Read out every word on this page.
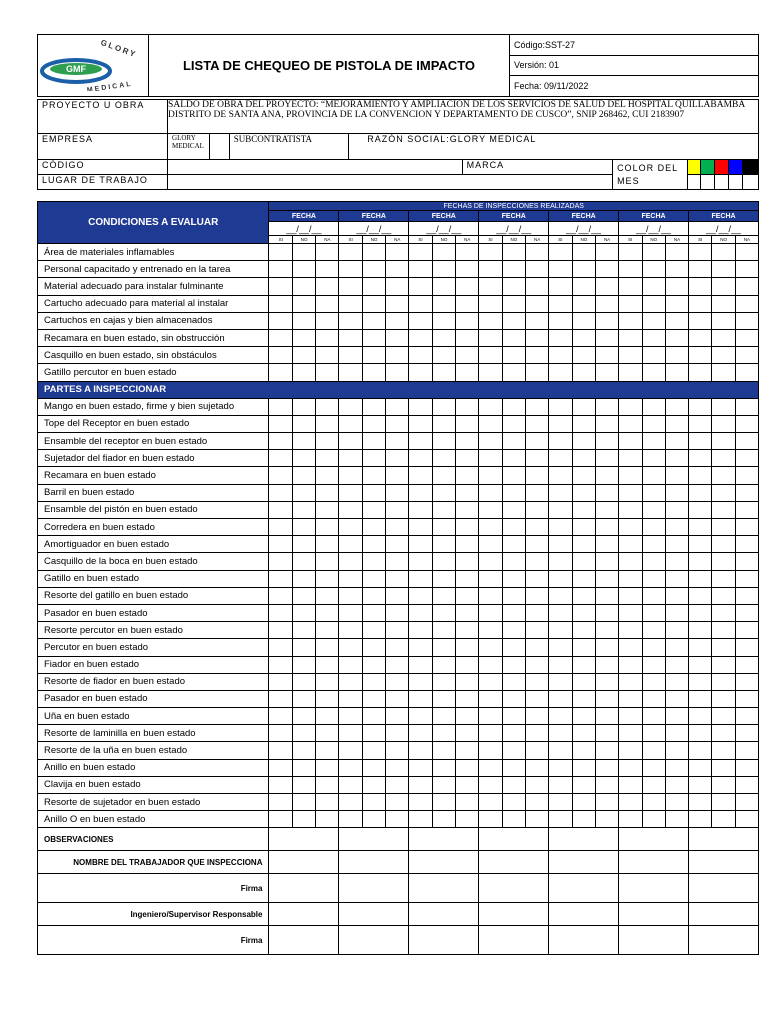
GMF
GLORY
MEDICAL
	LISTA DE CHEQUEO DE PISTOLA DE IMPACTO	Código:SST-27
Versión: 01
Fecha: 09/11/2022
PROYECTO U OBRA	SALDO DE OBRA DEL PROYECTO: “MEJORAMIENTO Y AMPLIACION DE LOS SERVICIOS DE SALUD DEL HOSPITAL QUILLABAMBA DISTRITO DE SANTA ANA, PROVINCIA DE LA CONVENCION Y DEPARTAMENTO DE CUSCO”, SNIP 268462, CUI 2183907										
EMPRESA	GLORY MEDICAL		SUBCONTRATISTA	RAZÓN SOCIAL:GLORY MEDICAL							
CÓDIGO					MARCA	COLOR DEL MES					
LUGAR DE TRABAJO											
CONDICIONES A EVALUAR	FECHAS DE INSPECCIONES REALIZADAS																				
	FECHA			FECHA			FECHA			FECHA			FECHA			FECHA			FECHA		
	__/__/__			__/__/__			__/__/__			__/__/__			__/__/__			__/__/__			__/__/__		
	SI	NO	NA	SI	NO	NA	SI	NO	NA	SI	NO	NA	SI	NO	NA	SI	NO	NA	SI	NO	NA
Área de materiales inflamables																					
Personal capacitado y entrenado en la tarea																					
Material adecuado para instalar fulminante																					
Cartucho adecuado para material al instalar																					
Cartuchos en cajas y bien almacenados																					
Recamara en buen estado, sin obstrucción																					
Casquillo en buen estado, sin obstáculos																					
Gatillo percutor en buen estado																					
PARTES A INSPECCIONAR																					
Mango en buen estado, firme y bien sujetado																					
Tope del Receptor en buen estado																					
Ensamble del receptor en buen estado																					
Sujetador del fiador en buen estado																					
Recamara en buen estado																					
Barril en buen estado																					
Ensamble del pistón en buen estado																					
Corredera en buen estado																					
Amortiguador en buen estado																					
Casquillo de la boca en buen estado																					
Gatillo en buen estado																					
Resorte del gatillo en buen estado																					
Pasador en buen estado																					
Resorte percutor en buen estado																					
Percutor en buen estado																					
Fiador en buen estado																					
Resorte de fiador en buen estado																					
Pasador en buen estado																					
Uña en buen estado																					
Resorte de laminilla en buen estado																					
Resorte de la uña en buen estado																					
Anillo en buen estado																					
Clavija en buen estado																					
Resorte de sujetador en buen estado																					
Anillo O en buen estado																					
OBSERVACIONES																					
NOMBRE DEL TRABAJADOR QUE INSPECCIONA																					
Firma																					
Ingeniero/Supervisor Responsable																					
Firma																					
